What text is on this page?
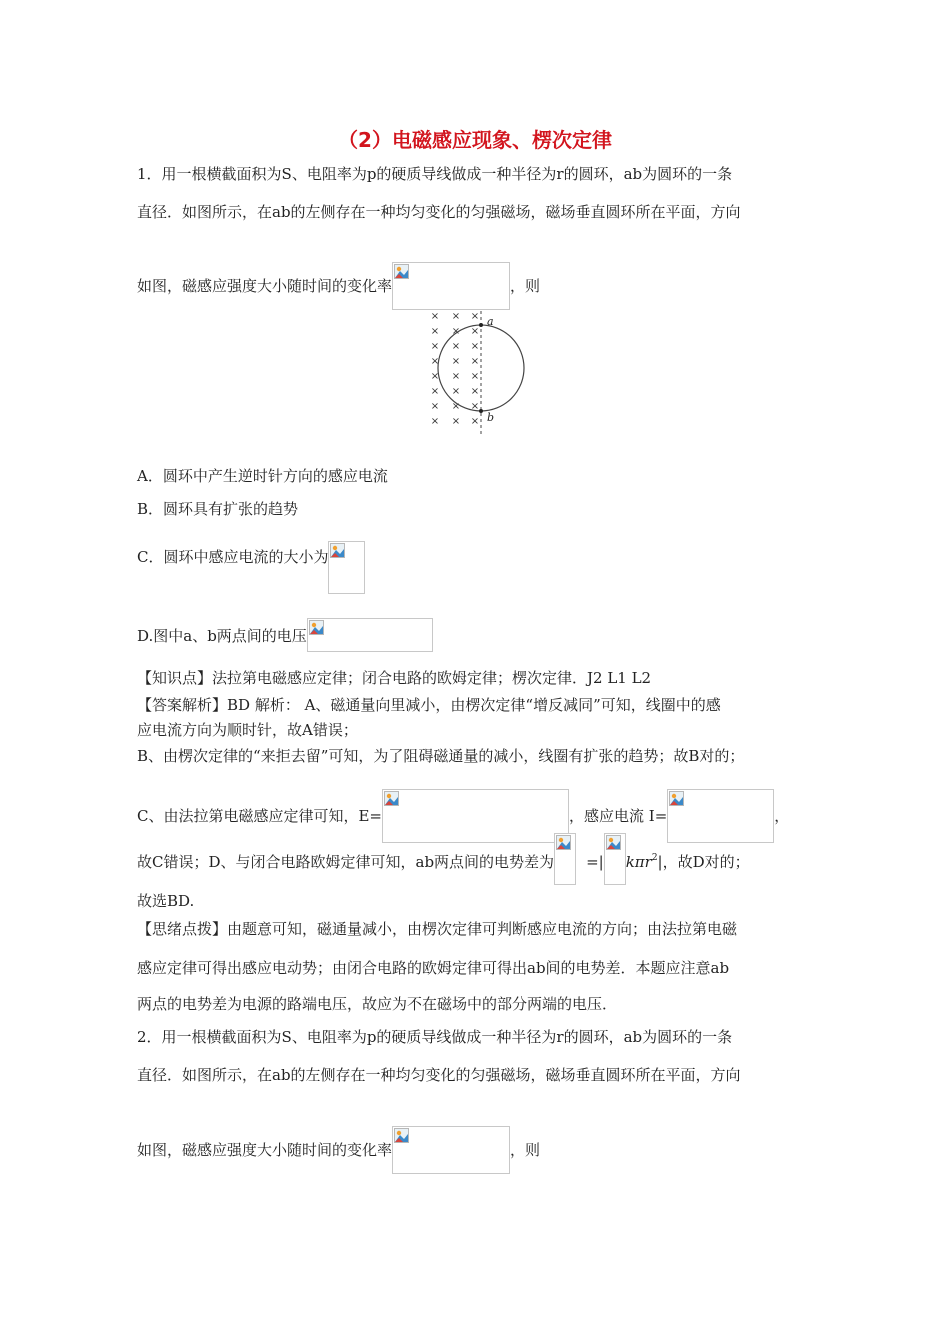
（2）电磁感应现象、楞次定律
1．用一根横截面积为S、电阻率为p的硬质导线做成一种半径为r的圆环，ab为圆环的一条
直径．如图所示，在ab的左侧存在一种均匀变化的匀强磁场，磁场垂直圆环所在平面，方向
如图，磁感应强度大小随时间的变化率	，则
× × ×
× × ×
× × ×
× × ×
× × ×
× × ×
× × ×
× × ×
a
b
A．圆环中产生逆时针方向的感应电流
B．圆环具有扩张的趋势
C．圆环中感应电流的大小为
D.图中a、b两点间的电压
【知识点】法拉第电磁感应定律；闭合电路的欧姆定律；楞次定律．J2 L1 L2
【答案解析】BD 解析： A、磁通量向里减小，由楞次定律“增反减同”可知，线圈中的感
应电流方向为顺时针，故A错误；
B、由楞次定律的“来拒去留”可知，为了阻碍磁通量的减小，线圈有扩张的趋势；故B对的；
C、由法拉第电磁感应定律可知，E=	，感应电流 I=	，
故C错误；D、与闭合电路欧姆定律可知，ab两点间的电势差为 =| kπr$^2$|，故D对的；
故选BD.
【思绪点拨】由题意可知，磁通量减小，由楞次定律可判断感应电流的方向；由法拉第电磁
感应定律可得出感应电动势；由闭合电路的欧姆定律可得出ab间的电势差．本题应注意ab
两点的电势差为电源的路端电压，故应为不在磁场中的部分两端的电压．
2．用一根横截面积为S、电阻率为p的硬质导线做成一种半径为r的圆环，ab为圆环的一条
直径．如图所示，在ab的左侧存在一种均匀变化的匀强磁场，磁场垂直圆环所在平面，方向
如图，磁感应强度大小随时间的变化率	，则
